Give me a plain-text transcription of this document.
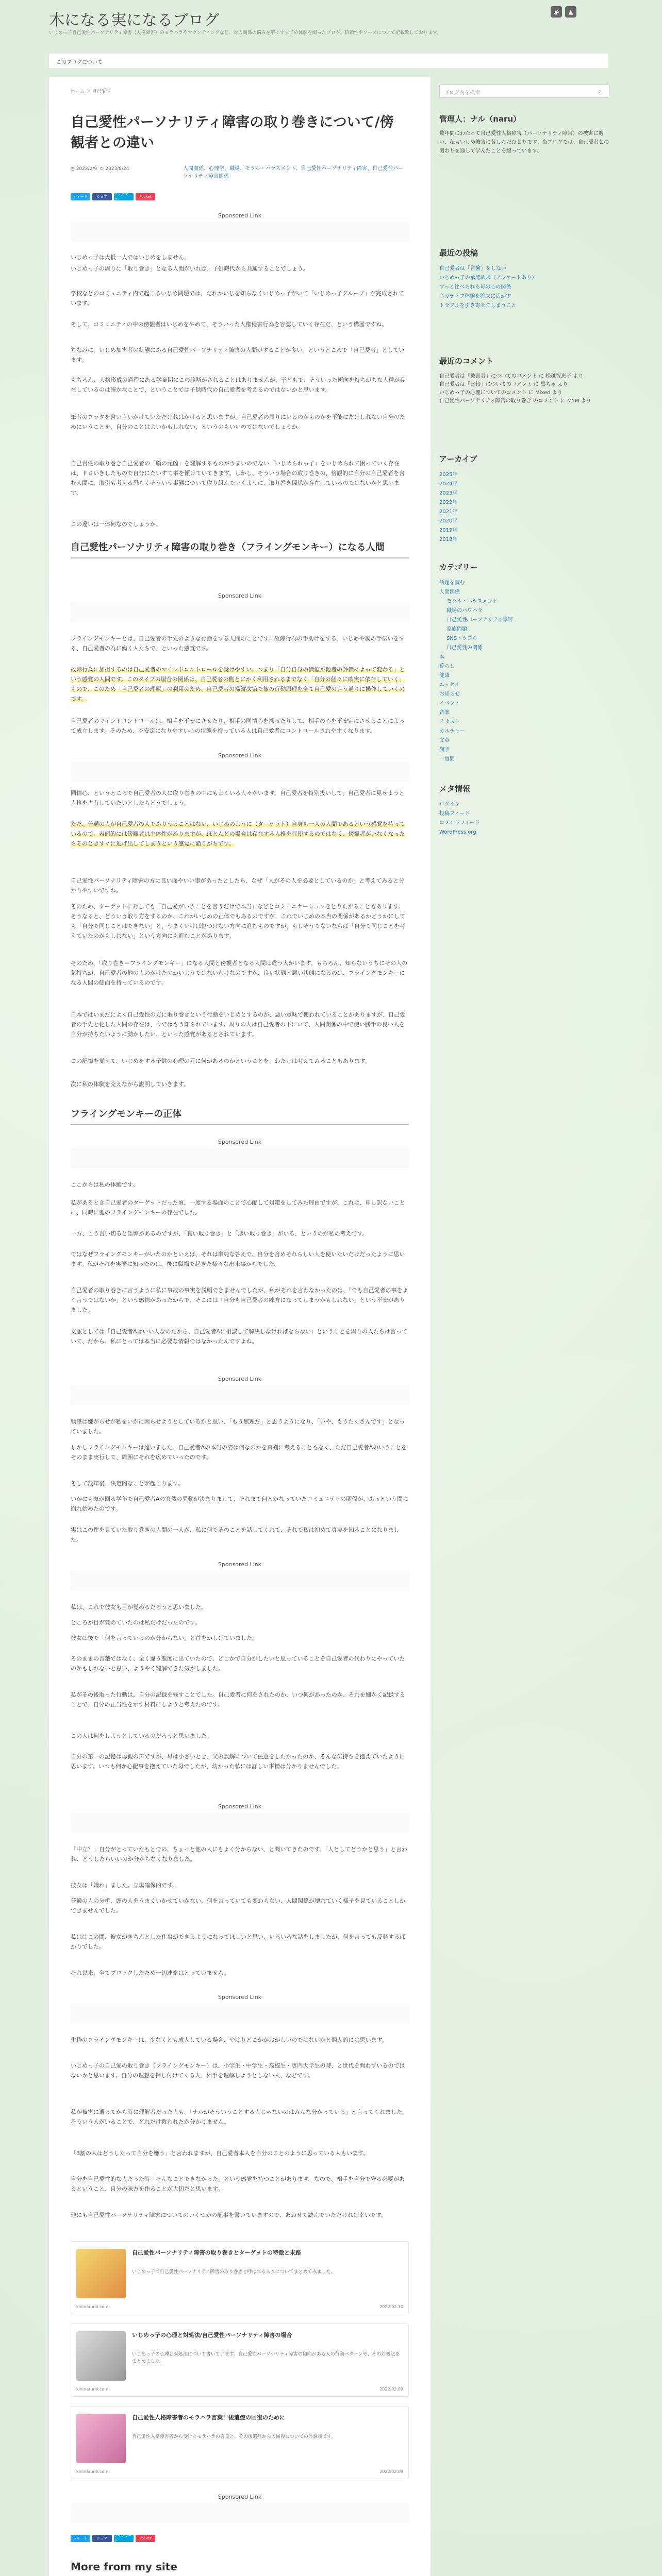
木になる実になるブログ
いじめっ子自己愛性パーソナリティ障害（人格障害）のモラハラやマウンティングなど、対人関係の悩みを解くすまでの体験を綴ったブログ。信頼性やソースについて記載致しております。
◉	▲
このブログについて
ホーム ＞ 自己愛性
自己愛性パーソナリティ障害の取り巻きについて/傍観者との違い
◷ 2022/2/9 ↻ 2023/8/24	人間関係、心理学、職場、モラル・ハラスメント、自己愛性パーソナリティ障害、自己愛性パーソナリティ障害関係
ツイート	シェア
ブックマーク
Pocket
Sponsored Link

いじめっ子は大抵一人ではいじめをしません。

いじめっ子の周りに「取り巻き」となる人間がいれば、子供時代から共通することでしょう。

学校などのコミュニティ内で起こるいじめ問題では、だれかいじを知らなくいじめっ子がいて「いじめっ子グループ」が完成されています。

そして、コミュニティの中の傍観者はいじめをやめて、そういった人権侵害行為を容認していく存在だ、という構図ですね。

ちなみに、いじめ加害者の状態にある自己愛性パーソナリティ障害の人間がすることが多い。というところで「自己愛者」としています。

もちろん、人格形成の過程にある学童期にこの診断がされることはありませんが、子どもで、そういった傾向を持ちがちな人種が存在しているのは確かなことで、ということでは子供時代の自己愛者を考えるのではないかと思います。

筆者のフラタを含い言いかけていただけれはかけると思いますが、自己愛者の周りにいるのかものかを不能にだけしれない自分のためにいうことを、自分のことはよいかもしれない、というのもいいのではないでしょうか。

自己責任の取り巻き自己愛者の「顧の元凶」を理解するものがうまいのでない「いじめられっ子」をいじめられて困っていく存在は、ドロいきしたもので自分にたいすて事を傾けていてきます。しかし、そういう場合の取り巻きの、傍観的に自分の自己愛者を含む人間に、取引も考える恐らくそういう事態について取り組んでいくように、取り巻き関係が存在しているのではないかと思います。

この違いは一体何なのでしょうか。

自己愛性パーソナリティ障害の取り巻き（フライングモンキー）になる人間
Sponsored Link

フライングモンキーとは、自己愛者の手先のような行動をする人間のことです。故障行為の手助けをする、いじめや凝の手伝いをする、自己愛者の為に働く人たちで、といった感覚です。

故障行為に加担するのは自己愛者のマインドコントロールを受けやすい、つまり「自分自身の価値が他者の評価によって変わる」という感覚の人間です。このタイプの場合の関係は、自己愛者の側とにかく利用されるまでなく「自分の個々に確実に依存していく」もので、このため「自己愛者の理屈」の利用のため、自己愛者の操縦次第で彼の行動原理を全て自己愛の言う通りに操作していくのです。

自己愛者のマインドコントロールは、相手を不安にさせたり、相手の同情心を揺ったりして、相手の心を不安定にさせることによって成立します。そのため、不安定になりやすい心の状態を持っている人は自己愛者にコントロールされやすくなります。

Sponsored Link

同情心、というところで自己愛者の人に取り巻きの中にもよくいる人々がいます。自己愛者を特別扱いして、自己愛者に見せようと人格を占有していたいとしたらどうでしょう。

ただ、普通の人が自己愛者の人でありうることはない、いじめのように（ターゲット）自身も一人の人間であるという感覚を持っているので、表面的には傍観者は主体性がありますが、ほとんどの場合は存在する人格を行使するのではなく、傍観者がいなくなったらそのときすぐに逃げ出してしまうという感覚に陥りがちです。

自己愛性パーソナリティ障害の方に良い面やいい事があったとしたら、なぜ「人がその人を必要としているのか」と考えてみると分かりやすいですね。

そのため、ターゲットに対しても「自己愛がいうことを言うだけで本当」などとコミュニケーションをとりたがることもあります。そうなると、どういう取り方をするのか、これがいじめの正体でもあるのですが、これでいじめの本当の関係があるかどうかにしても「自分で同じことはできない」と、うまくいけば傷つけない方向に進むものですが、もしそうでないならば「自分で同じことを考えていたのかもしれない」という方向にも進むことがあります。

そのため、「取り巻き＝フライングモンキー」になる人間と傍観者となる人間は違う人がいます。もちろん、知らないうちにその人の気持ちが、自己愛者の他の人のかけたのかいようではないわけなのですが、良い状態と悪い状態になるのは、フライングモンキーになる人間の側面を持っているのです。

日本ではいまだによく自己愛性の方に取り巻きという行動をいじめとするのが、悪い意味で使われていることがありますが、自己愛者の手先と化した人間の存在は、今ではもう知られています。周りの人は自己愛者の下にいて、人間関係の中で使い勝手の良い人を自分が持ちたいように動かしたい、といった感覚があるとされています。

この記憶を覚えて、いじめをする子供の心理の元に何があるのかということを、わたしは考えてみることもあります。

次に私の体験を交えながら説明していきます。

フライングモンキーの正体
Sponsored Link

ここからは私の体験です。

私があるとき自己愛者のターゲットだった頃、一度する場面のことで心配して対策をしてみた理由ですが、これは、申し訳ないことに、同時に他のフライングモンキーの存在でした。

一方、こう言い切ると語弊があるのですが、「良い取り巻き」と「悪い取り巻き」がいる、というのが私の考えです。

ではなぜフライングモンキーがいたのかといえば、それは単純な答えで、自分を含めそれらしい人を使いたいだけだったように思います。私がそれを実際に知ったのは、後に職場で起きた様々な出来事からでした。

自己愛者の取り巻きに言うように私に事故の事実を説明できませんでしたが、私がそれを言わなかったのは、「でも自己愛者の事をよく言うではないか」という感情があったからで、そこには「自分も自己愛者の味方になってしまうかもしれない」という不安がありました。

文脈としては「自己愛者Aはいい人なのだから、自己愛者Aに相談して解決しなければならない」ということを周りの人たちは言っていて、だから、私にとっては本当に必要な情報ではなかったんですよね。

Sponsored Link

執筆は嫌がらせが私をいかに困らせようとしているかと思い、「もう無理だ」と思うようになり、「いや、もうたくさんです」となっていました。

しかしフライングモンキーは違いました。自己愛者Aの本当の姿は何なのかを真剣に考えることもなく、ただ自己愛者Aのいうことをそのまま実行して、周囲にそれを広めていったのです。

そして数年後、決定的なことが起こります。

いかにも気が回る学年で自己愛者Aの突然の異動が決まりまして、それまで何とかなっていたコミュニティの関係が、あっという間に崩れ始めたのです。

実はこの件を見ていた取り巻きの人間の一人が、私に何でそのことを話してくれて、それで私は初めて真実を知ることになりました。

Sponsored Link

私は、これで彼女も目が覚めるだろうと思いました。

ところが目が覚めていたのは私だけだったのです。

彼女は後で「何を言っているのか分からない」と首をかしげていました。

そのままの言葉ではなく、全く違う態度に出ていたので、どこかで自分がしたいと思っていることを自己愛者の代わりにやっていたのかもしれないと思い、ようやく理解できた気がしました。

私がその後取った行動は、自分の記録を残すことでした。自己愛者に何をされたのか、いつ何があったのか、それを細かく記録することで、自分の正当性を示す材料にしようと考えたのです。

この人は何をしようとしているのだろうと思いました。

自分の第一の記憶は母親の声ですが、母は小さいとき、父の誤解について注意をしたかったのか、そんな気持ちを抱えていたように思います。いつも何か心配事を抱えていた母でしたが、幼かった私には詳しい事情は分かりませんでした。

Sponsored Link

「中立？」自分がとっていたもとでの、ちょっと他の人にもよく分からない、と聞いてきたのです。「人としてどうかと思う」と言われ、どうしたらいいのか分からなくなりました。

彼女は「嫌れ」ました。立場確保的です。

普通の人の分析、頭の人をうまくいかせていかない、何を言っていても変わらない、人間関係が壊れていく様子を見ていることしかできませんでした。

私ははこの間、彼女がきちんとした仕事ができるようになってほしいと思い、いろいろな話をしましたが、何を言っても反発するばかりでした。

それ以来、全てブロックしたため一切連絡はとっていません。

Sponsored Link

生粋のフライングモンキーは、少なくとも成人している場合、やはりどこかがおかしいのではないかと個人的には思います。

いじめっ子の自己愛の取り巻き（フライングモンキー）は、小学生・中学生・高校生・専門大学生の時、と世代を問わずいるのではないかと思います。自分の理想を押し付けてくる人、相手を理解しようとしない人、などです。

私が被害に遭ってから時に理解者だった人も、「ナルがそういうことする人じゃないのはみんな分かっている」と言ってくれました。そういう人がいることで、どれだけ救われたか分かりません。

「3割の人はどうしたって自分を嫌う」と言われますが、自己愛者本人を自分のことのように思っている人もいます。

自分を自己愛性的な人だった時「そんなことできなかった」という感覚を持つことがあります。なので、相手を自分で守る必要があるということ、自分の味方を作ることが大切だと思います。

他にも自己愛性パーソナリティ障害についてのいくつかの記事を書いていますので、あわせて読んでいただければ幸いです。

自己愛性パーソナリティ障害の取り巻きとターゲットの特徴と末路
いじめっ子で自己愛性パーソナリティ障害の取り巻きと呼ばれる人々についてまとめてみました。
kininarumi.com	2022.02.10
いじめっ子の心理と対処法/自己愛性パーソナリティ障害の場合
いじめっ子の心理と対処法について書いています。自己愛性パーソナリティ障害の傾向がある人の行動パターンや、その対処法をまとめました。
kininarumi.com	2022.02.09
自己愛性人格障害者のモラハラ言葉！後遺症の回復のために
自己愛性人格障害者から受けたモラハラの言葉と、その後遺症からの回復についての体験談です。
kininarumi.com	2022.02.08
Sponsored Link
ツイート	シェア
ブックマーク
Pocket
More from my site
ブログ内を検索	⌕
管理人：ナル（naru）

数年間にわたって自己愛性人格障害（パーソナリティ障害）の被害に遭い、私もいじめ被害に苦しんだひとりです。当ブログでは、自己愛者との関わりを通して学んだことを綴っています。

最近の投稿
自己愛者は「冒険」をしない
いじめっ子の承認欲求（アンケートあり）
ずっと比べられる母の心の関係
ネガティブ体験を将来に活かす
トラブルを引き寄せてしまうこと
最近のコメント
自己愛者は「被害者」についてのコメント に 松越智恵子 より
自己愛者は「比較」についてのコメント に 黒ちゃ より
いじめっ子の心理についてのコメント に Mixed より
自己愛性パーソナリティ障害の取り巻き のコメント に MYM より
アーカイブ
2025年
2024年
2023年
2022年
2021年
2020年
2019年
2018年
カテゴリー
話題を読む
人間関係
モラル・ハラスメント
職場のパワハラ
自己愛性パーソナリティ障害
家族問題
SNSトラブル
自己愛性の関係
本
暮らし
健康
エッセイ
お知らせ
イベント
音楽
イラスト
カルチャー
文章
漢字
一週間
メタ情報
ログイン
投稿フィード
コメントフィード
WordPress.org
